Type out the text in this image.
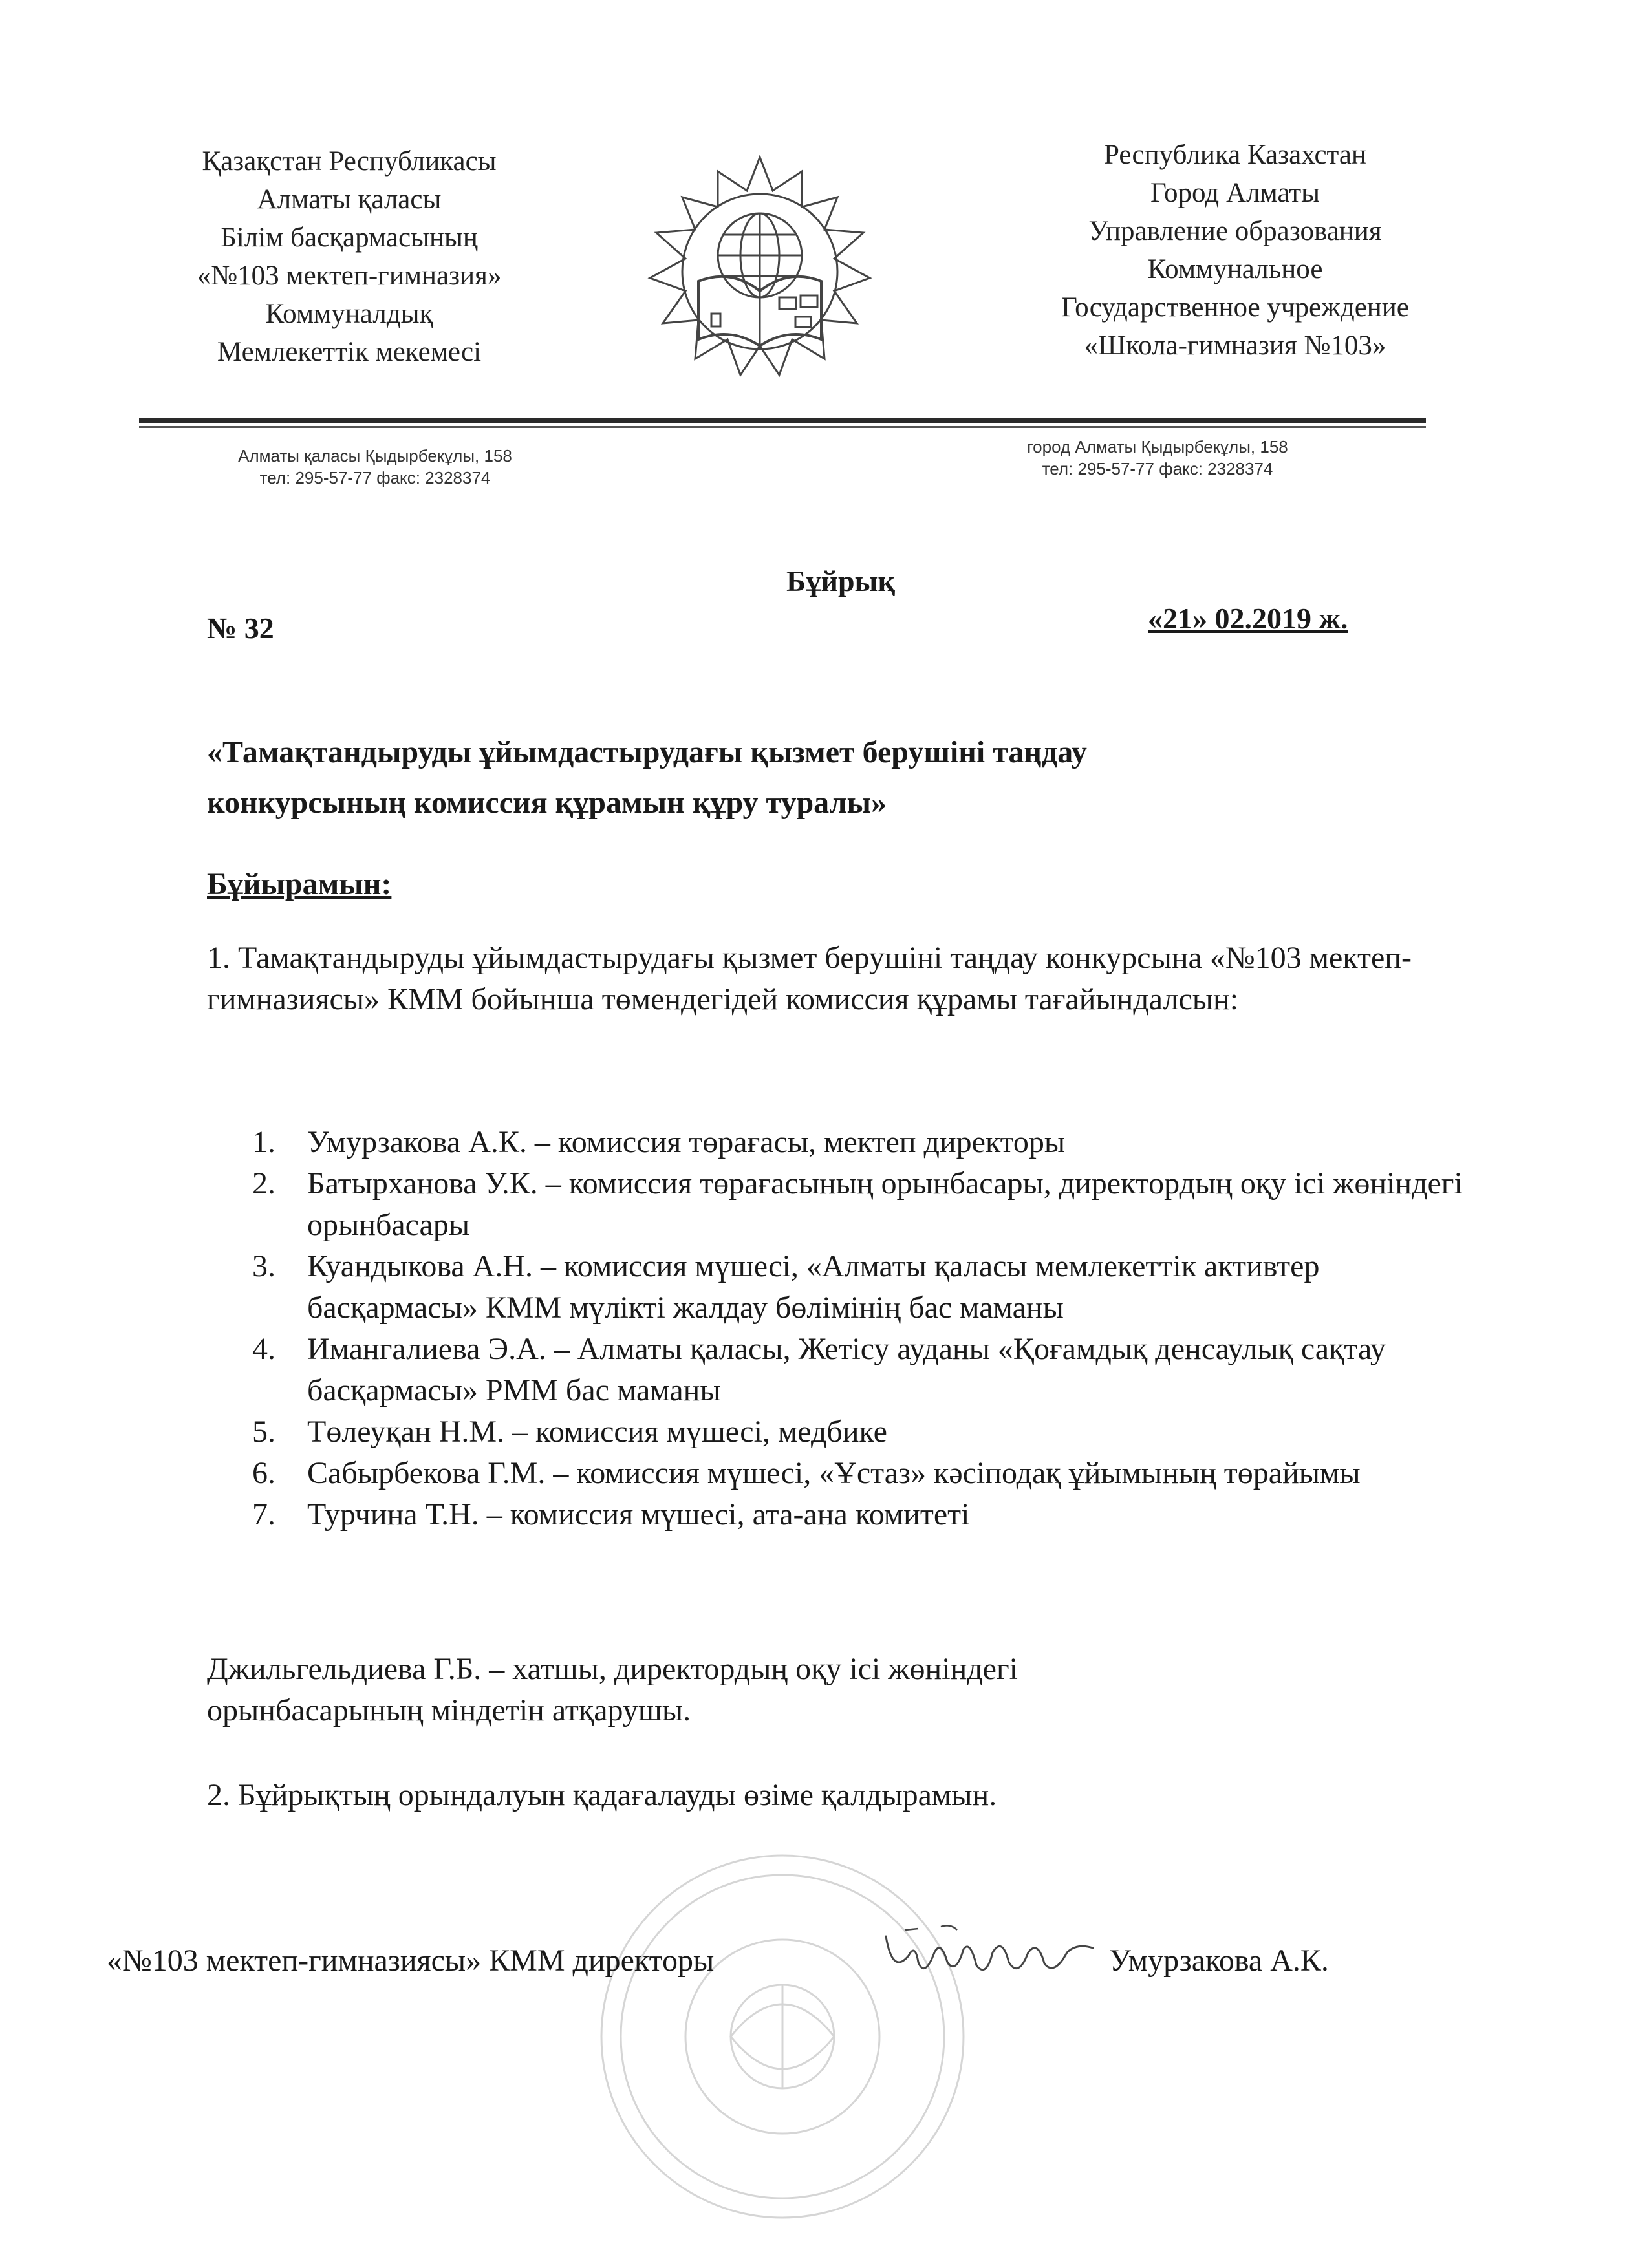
Қазақстан Республикасы
Алматы қаласы
Білім басқармасының
«№103 мектеп-гимназия»
Коммуналдық
Мемлекеттік мекемесі
Республика Казахстан
Город Алматы
Управление образования
Коммунальное
Государственное учреждение
«Школа-гимназия №103»
Алматы қаласы Қыдырбекұлы, 158
тел: 295-57-77 факс: 2328374
город Алматы Қыдырбекұлы, 158
тел: 295-57-77 факс: 2328374
Бұйрық
№ 32	«21» 02.2019 ж.
«Тамақтандыруды ұйымдастырудағы қызмет берушіні таңдау
конкурсының комиссия құрамын құру туралы»
Бұйырамын:
1. Тамақтандыруды ұйымдастырудағы қызмет берушіні таңдау конкурсына «№103 мектеп-гимназиясы» КММ бойынша төмендегідей комиссия құрамы тағайындалсын:
1.	Умурзакова А.К. – комиссия төрағасы, мектеп директоры
2.	Батырханова У.К. – комиссия төрағасының орынбасары, директордың оқу ісі жөніндегі орынбасары
3.	Куандыкова А.Н. – комиссия мүшесі, «Алматы қаласы мемлекеттік активтер басқармасы» КММ мүлікті жалдау бөлімінің бас маманы
4.	Имангалиева Э.А. – Алматы қаласы, Жетісу ауданы «Қоғамдық денсаулық сақтау басқармасы» РММ бас маманы
5.	Төлеуқан Н.М. – комиссия мүшесі, медбике
6.	Сабырбекова Г.М. – комиссия мүшесі, «Ұстаз» кәсіподақ ұйымының төрайымы
7.	Турчина Т.Н. – комиссия мүшесі, ата-ана комитеті
Джильгельдиева Г.Б. – хатшы, директордың оқу ісі жөніндегі орынбасарының міндетін атқарушы.
2. Бұйрықтың орындалуын қадағалауды өзіме қалдырамын.
«№103 мектеп-гимназиясы» КММ директоры	Умурзакова А.К.
